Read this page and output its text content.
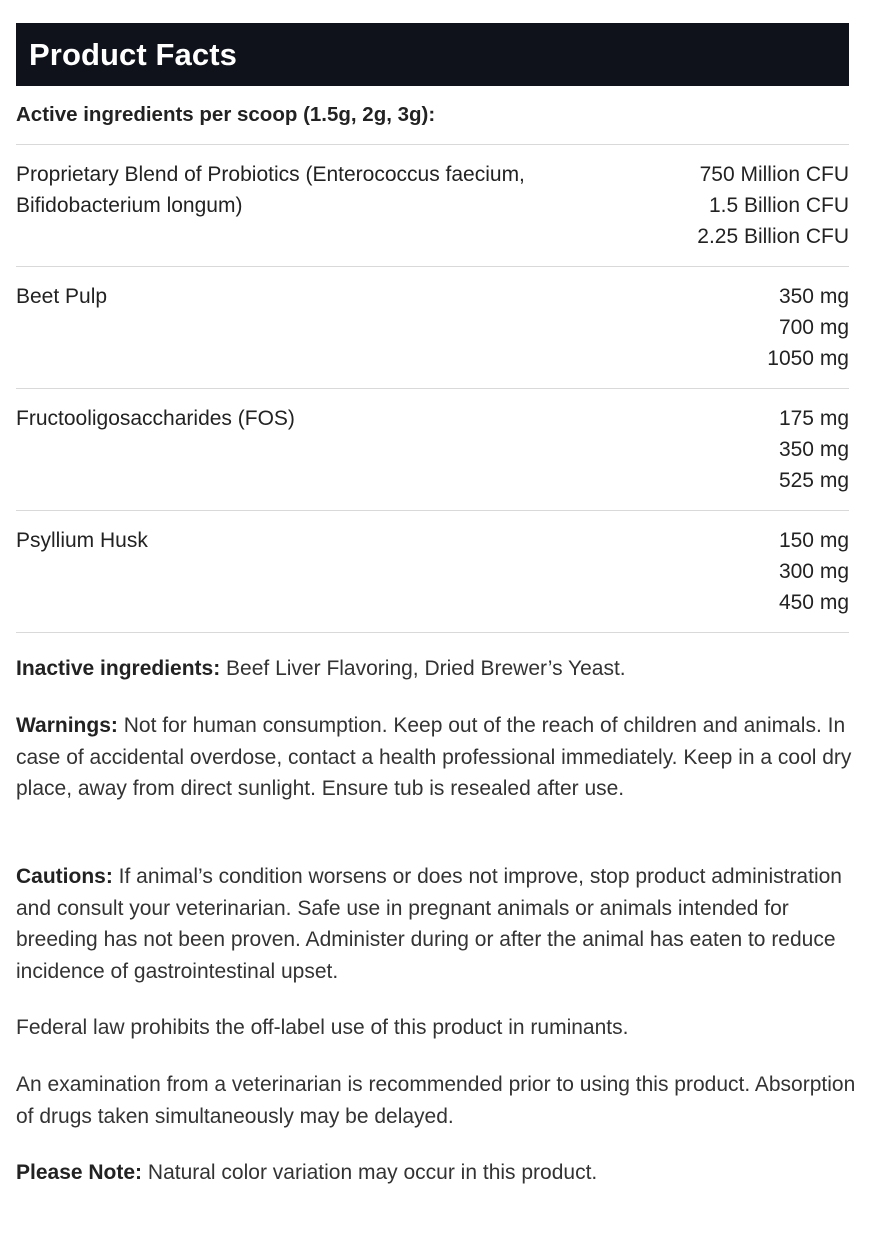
Product Facts
Active ingredients per scoop (1.5g, 2g, 3g):
Proprietary Blend of Probiotics (Enterococcus faecium, Bifidobacterium longum)
750 Million CFU
1.5 Billion CFU
2.25 Billion CFU
Beet Pulp	350 mg
700 mg
1050 mg
Fructooligosaccharides (FOS)	175 mg
350 mg
525 mg
Psyllium Husk	150 mg
300 mg
450 mg

Inactive ingredients: Beef Liver Flavoring, Dried Brewer’s Yeast.

Warnings: Not for human consumption. Keep out of the reach of children and animals. In case of accidental overdose, contact a health professional immediately. Keep in a cool dry place, away from direct sunlight. Ensure tub is resealed after use.

Cautions: If animal’s condition worsens or does not improve, stop product administration and consult your veterinarian. Safe use in pregnant animals or animals intended for breeding has not been proven. Administer during or after the animal has eaten to reduce incidence of gastrointestinal upset.

Federal law prohibits the off-label use of this product in ruminants.

An examination from a veterinarian is recommended prior to using this product. Absorption of drugs taken simultaneously may be delayed.

Please Note: Natural color variation may occur in this product.
